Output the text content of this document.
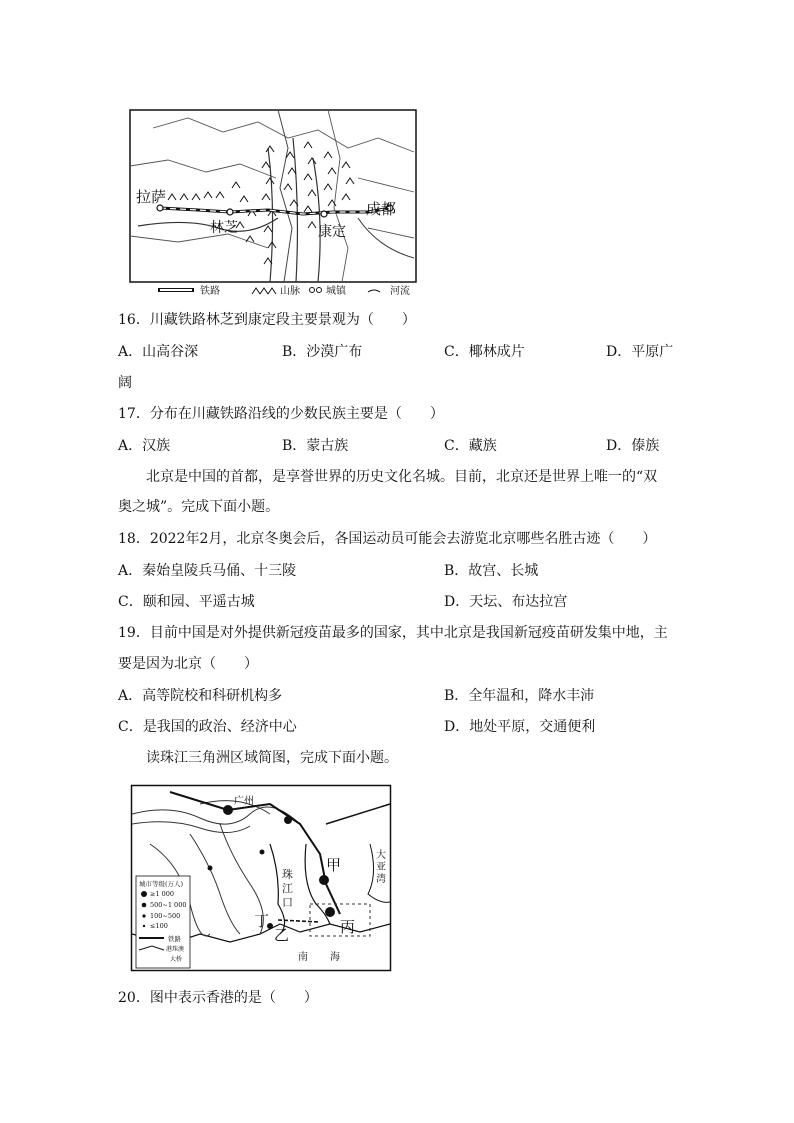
拉萨
林芝	康定
成都
铁路	山脉	城镇	河流
16．川藏铁路林芝到康定段主要景观为（　　）
A．山高谷深	B．沙漠广布	C．椰林成片	D．平原广
阔
17．分布在川藏铁路沿线的少数民族主要是（　　）
A．汉族	B．蒙古族	C．藏族	D．傣族
北京是中国的首都，是享誉世界的历史文化名城。目前，北京还是世界上唯一的“双
奥之城”。完成下面小题。
18．2022年2月，北京冬奥会后，各国运动员可能会去游览北京哪些名胜古迹（　　）
A．秦始皇陵兵马俑、十三陵	B．故宫、长城
C．颐和园、平遥古城	D．天坛、布达拉宫
19．目前中国是对外提供新冠疫苗最多的国家，其中北京是我国新冠疫苗研发集中地，主
要是因为北京（　　）
A．高等院校和科研机构多	B．全年温和，降水丰沛
C．是我国的政治、经济中心	D．地处平原，交通便利
读珠江三角洲区域简图，完成下面小题。
广州
甲
乙	丙
丁
珠
江
口
南 海
大
亚
湾
城市等级(万人)
≥1 000
500~1 000
100~500
≤100
铁路
港珠澳
大桥
20．图中表示香港的是（　　）
